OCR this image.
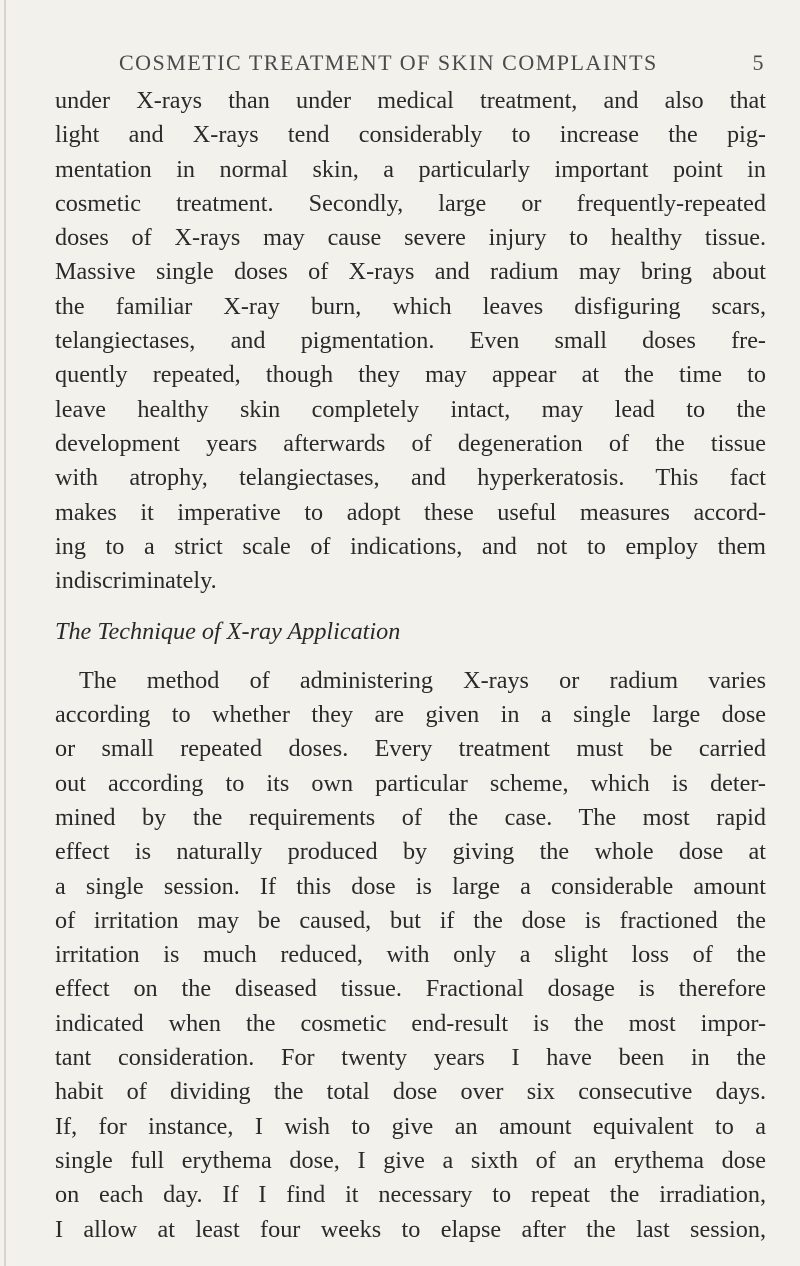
COSMETIC TREATMENT OF SKIN COMPLAINTS	5
under X-rays than under medical treatment, and also that
light and X-rays tend considerably to increase the pig-
mentation in normal skin, a particularly important point in
cosmetic treatment. Secondly, large or frequently-repeated
doses of X-rays may cause severe injury to healthy tissue.
Massive single doses of X-rays and radium may bring about
the familiar X-ray burn, which leaves disfiguring scars,
telangiectases, and pigmentation. Even small doses fre-
quently repeated, though they may appear at the time to
leave healthy skin completely intact, may lead to the
development years afterwards of degeneration of the tissue
with atrophy, telangiectases, and hyperkeratosis. This fact
makes it imperative to adopt these useful measures accord-
ing to a strict scale of indications, and not to employ them
indiscriminately.
The Technique of X-ray Application
The method of administering X-rays or radium varies
according to whether they are given in a single large dose
or small repeated doses. Every treatment must be carried
out according to its own particular scheme, which is deter-
mined by the requirements of the case. The most rapid
effect is naturally produced by giving the whole dose at
a single session. If this dose is large a considerable amount
of irritation may be caused, but if the dose is fractioned the
irritation is much reduced, with only a slight loss of the
effect on the diseased tissue. Fractional dosage is therefore
indicated when the cosmetic end-result is the most impor-
tant consideration. For twenty years I have been in the
habit of dividing the total dose over six consecutive days.
If, for instance, I wish to give an amount equivalent to a
single full erythema dose, I give a sixth of an erythema dose
on each day. If I find it necessary to repeat the irradiation,
I allow at least four weeks to elapse after the last session,
